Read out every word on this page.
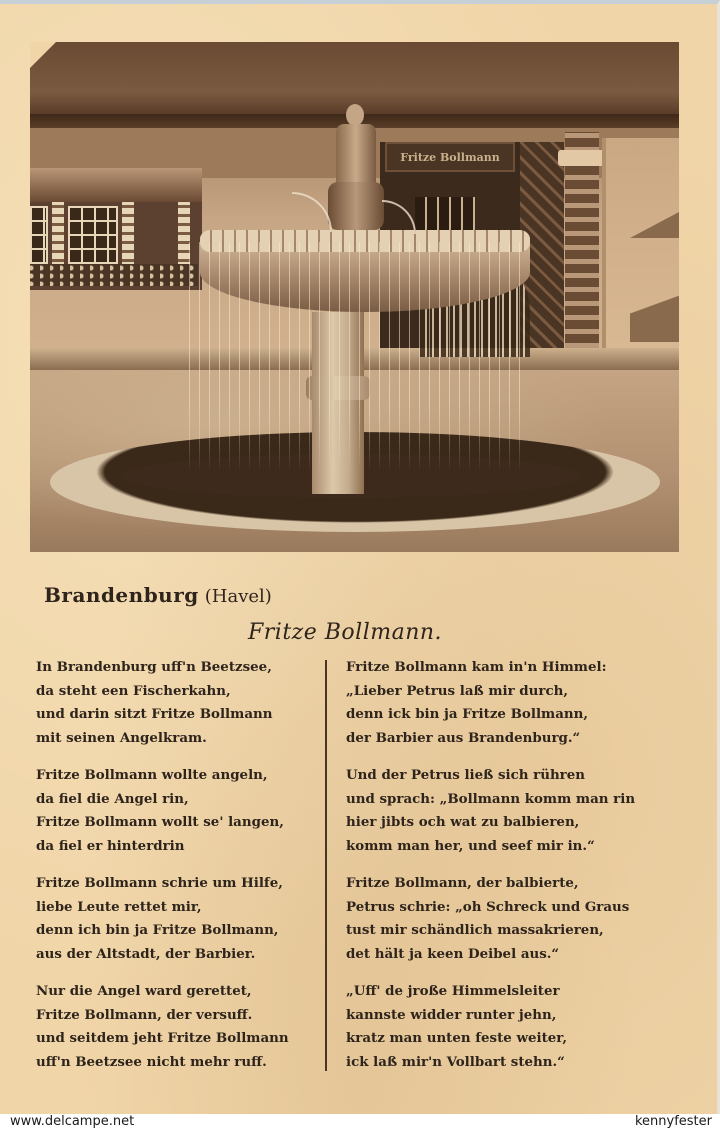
Fritze Bollmann
Brandenburg (Havel)
Fritze Bollmann.
In Brandenburg uff'n Beetzsee,
da steht een Fischerkahn,
und darin sitzt Fritze Bollmann
mit seinen Angelkram.
Fritze Bollmann wollte angeln,
da fiel die Angel rin,
Fritze Bollmann wollt se' langen,
da fiel er hinterdrin
Fritze Bollmann schrie um Hilfe,
liebe Leute rettet mir,
denn ich bin ja Fritze Bollmann,
aus der Altstadt, der Barbier.
Nur die Angel ward gerettet,
Fritze Bollmann, der versuff.
und seitdem jeht Fritze Bollmann
uff'n Beetzsee nicht mehr ruff.
Fritze Bollmann kam in'n Himmel:
„Lieber Petrus laß mir durch,
denn ick bin ja Fritze Bollmann,
der Barbier aus Brandenburg.“
Und der Petrus ließ sich rühren
und sprach: „Bollmann komm man rin
hier jibts och wat zu balbieren,
komm man her, und seef mir in.“
Fritze Bollmann, der balbierte,
Petrus schrie: „oh Schreck und Graus
tust mir schändlich massakrieren,
det hält ja keen Deibel aus.“
„Uff' de jroße Himmelsleiter
kannste widder runter jehn,
kratz man unten feste weiter,
ick laß mir'n Vollbart stehn.“
www.delcampe.net	kennyfester
